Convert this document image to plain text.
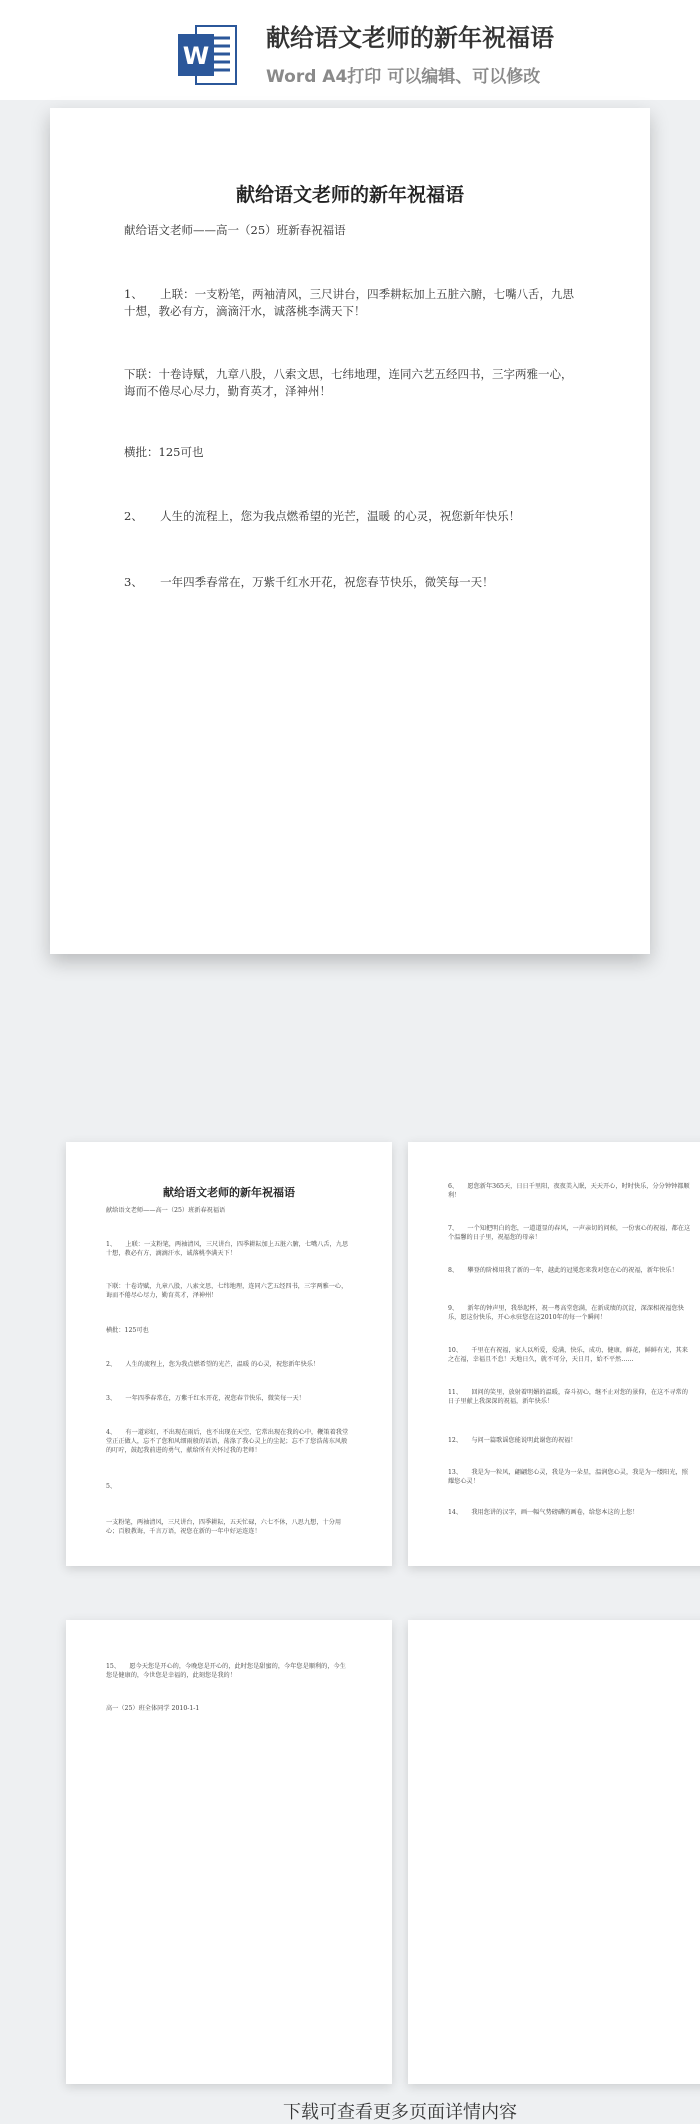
W
献给语文老师的新年祝福语
Word A4打印 可以编辑、可以修改
献给语文老师的新年祝福语
献给语文老师——高一（25）班新春祝福语
1、　　上联：一支粉笔，两袖清风，三尺讲台，四季耕耘加上五脏六腑，七嘴八舌，九思十想，教必有方，滴滴汗水，诚落桃李满天下！
下联：十卷诗赋，九章八股，八索文思，七纬地理，连同六艺五经四书，三字两雅一心，诲而不倦尽心尽力，勤育英才，泽神州！
横批：125可也
2、　　人生的流程上，您为我点燃希望的光芒，温暖 的心灵，祝您新年快乐！
3、　　一年四季春常在，万紫千红水开花，祝您春节快乐，微笑每一天！
献给语文老师的新年祝福语
献给语文老师——高一（25）班新春祝福语
1、　　上联：一支粉笔，两袖清风，三尺讲台，四季耕耘加上五脏六腑，七嘴八舌，九思十想，教必有方，滴滴汗水，诚落桃李满天下！
下联：十卷诗赋，九章八股，八索文思，七纬地理，连同六艺五经四书，三字两雅一心，诲而不倦尽心尽力，勤育英才，泽神州！
横批：125可也
2、　　人生的流程上，您为我点燃希望的光芒，温暖 的心灵，祝您新年快乐！
3、　　一年四季春常在，万紫千红水开花，祝您春节快乐，微笑每一天！
4、　　有一道彩虹，不出现在雨后，也不出现在天空，它常出现在我的心中，鞭策着我堂堂正正做人，忘不了您和风细雨般的话语，荡涤了我心灵上的尘泥；忘不了您浩荡东风般的叮咛，鼓起我前进的勇气，献给所有关怀过我的老师！
5、
一支粉笔，两袖清风，三尺讲台，四季耕耘，五天忙碌，六七不休，八思九想，十分用心；百般教诲，千言万语，祝您在新的一年中好运连连！
6、　　愿您新年365天，日日千里阳，夜夜美入眠，天天开心，时时快乐，分分钟钟都顺利！
7、　　一个知把明白的您，一道道显的春风，一声亲切的问候，一份衷心的祝福，都在这个温馨的日子里，祝福您的母亲！
8、　　攀登的阶梯用我了新的一年，越此的冠冕您来我对您在心的祝福，新年快乐！
9、　　新年的钟声里，我举起杯，祝一粤高堂您满，在新成绩的沉淀，深深相祝福您快乐，愿这份快乐，开心永驻您在这2010年的每一个瞬间！
10、　　千里在有祝福，家人以所爱，爱满，快乐，成功，健康，鲜花，鲜鲜有光，其来之在福，幸福且不怠！天地日久，就不可分，天日月，始不平然……
11、　　回问的笑里，放射着明媚的温暖，奋斗初心，继不止对您的景仰，在这不寻常的日子里献上我深深的祝福，新年快乐！
12、　　与问一篇歌谣您能说明此谢您的祝福！
13、　　我是为一粒风，翩翩您心灵，我是为一朵星，温润您心灵，我是为一缕阳光，照耀您心灵！
14、　　我用您讲的汉字，画一幅气势磅礴的画卷，给您本这的上您！
15、　　愿今天您是开心的，今晚您是开心的，此时您是甜蜜的，今年您是顺利的，今生您是健康的，今世您是幸福的，此刻您是我的！
高一（25）班全体同学 2010-1-1
下载可查看更多页面详情内容
